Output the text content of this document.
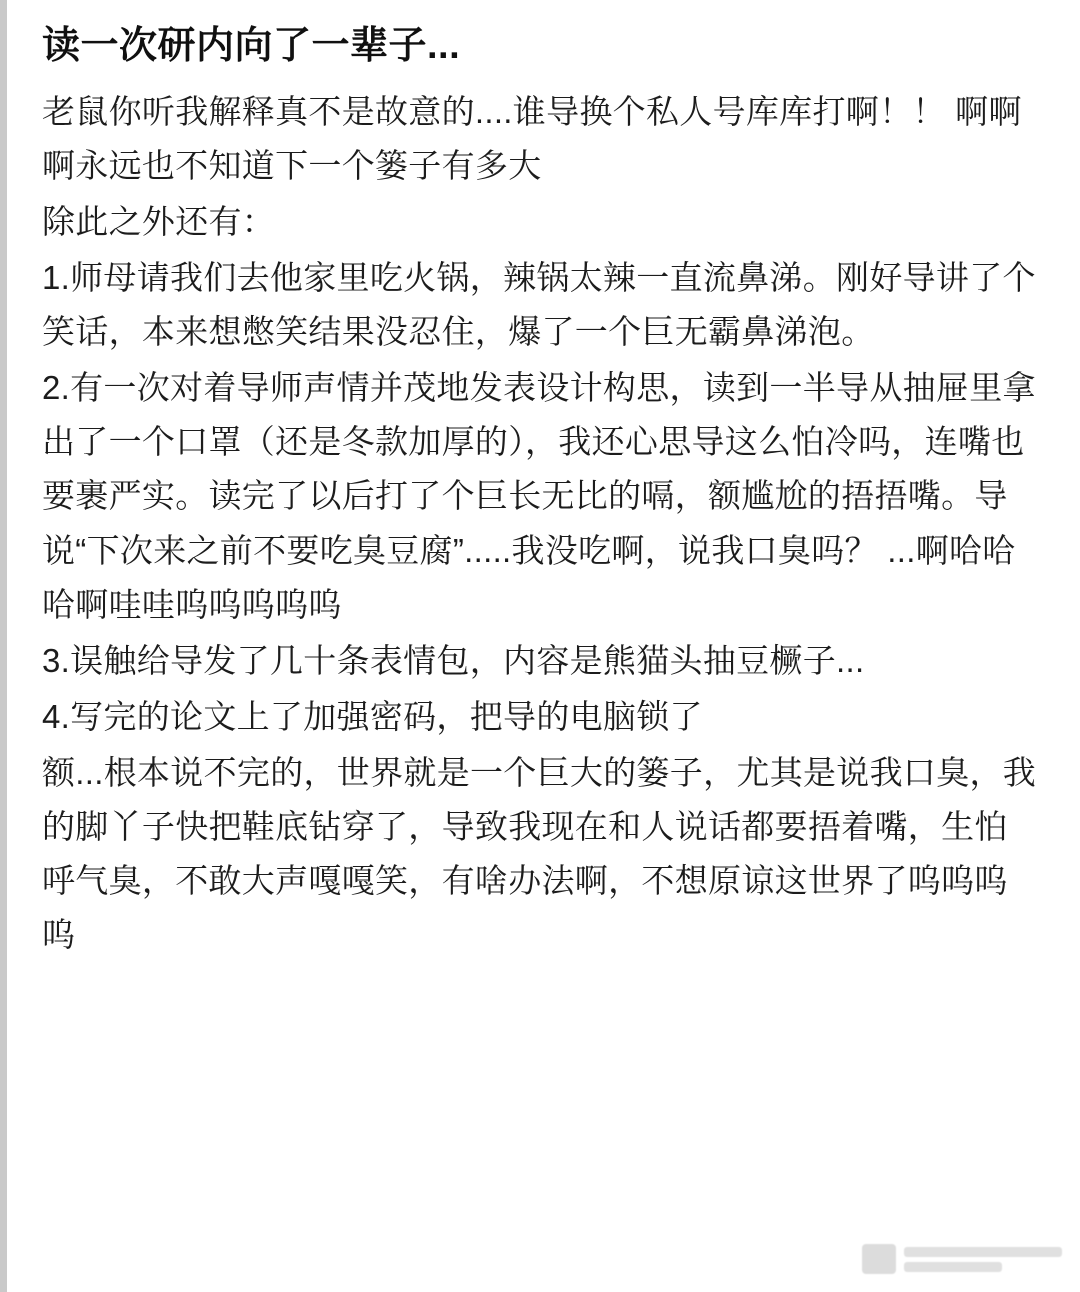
读一次研内向了一辈子...

老鼠你听我解释真不是故意的....谁导换个私人号库库打啊！！ 啊啊啊永远也不知道下一个篓子有多大

除此之外还有：

1.师母请我们去他家里吃火锅，辣锅太辣一直流鼻涕。刚好导讲了个笑话，本来想憋笑结果没忍住，爆了一个巨无霸鼻涕泡。

2.有一次对着导师声情并茂地发表设计构思，读到一半导从抽屉里拿出了一个口罩（还是冬款加厚的），我还心思导这么怕冷吗，连嘴也要裹严实。读完了以后打了个巨长无比的嗝，额尴尬的捂捂嘴。导说“下次来之前不要吃臭豆腐”.....我没吃啊，说我口臭吗？ ...啊哈哈哈啊哇哇呜呜呜呜呜

3.误触给导发了几十条表情包，内容是熊猫头抽豆橛子...

4.写完的论文上了加强密码，把导的电脑锁了

额...根本说不完的，世界就是一个巨大的篓子，尤其是说我口臭，我的脚丫子快把鞋底钻穿了，导致我现在和人说话都要捂着嘴，生怕呼气臭，不敢大声嘎嘎笑，有啥办法啊，不想原谅这世界了呜呜呜呜
